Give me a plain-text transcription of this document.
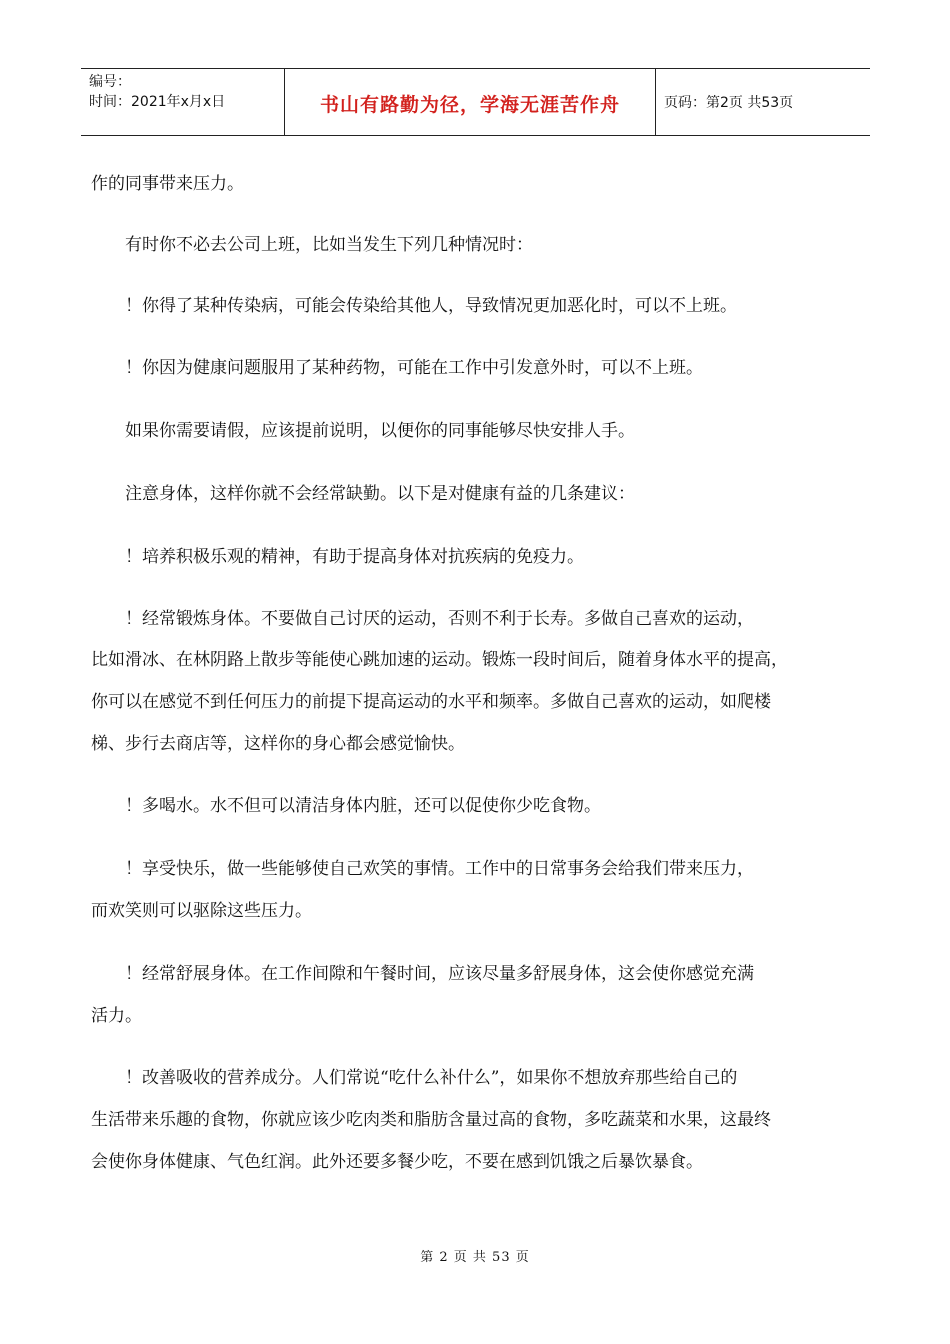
编号：
时间：2021年x月x日	书山有路勤为径，学海无涯苦作舟	页码：第2页 共53页
作的同事带来压力。
　　有时你不必去公司上班，比如当发生下列几种情况时：
　　！你得了某种传染病，可能会传染给其他人，导致情况更加恶化时，可以不上班。
　　！你因为健康问题服用了某种药物，可能在工作中引发意外时，可以不上班。
　　如果你需要请假，应该提前说明，以便你的同事能够尽快安排人手。
　　注意身体，这样你就不会经常缺勤。以下是对健康有益的几条建议：
　　！培养积极乐观的精神，有助于提高身体对抗疾病的免疫力。
　　！经常锻炼身体。不要做自己讨厌的运动，否则不利于长寿。多做自己喜欢的运动，
比如滑冰、在林阴路上散步等能使心跳加速的运动。锻炼一段时间后，随着身体水平的提高，
你可以在感觉不到任何压力的前提下提高运动的水平和频率。多做自己喜欢的运动，如爬楼
梯、步行去商店等，这样你的身心都会感觉愉快。
　　！多喝水。水不但可以清洁身体内脏，还可以促使你少吃食物。
　　！享受快乐，做一些能够使自己欢笑的事情。工作中的日常事务会给我们带来压力，
而欢笑则可以驱除这些压力。
　　！经常舒展身体。在工作间隙和午餐时间，应该尽量多舒展身体，这会使你感觉充满
活力。
　　！改善吸收的营养成分。人们常说“吃什么补什么”，如果你不想放弃那些给自己的
生活带来乐趣的食物，你就应该少吃肉类和脂肪含量过高的食物，多吃蔬菜和水果，这最终
会使你身体健康、气色红润。此外还要多餐少吃，不要在感到饥饿之后暴饮暴食。
第 2 页 共 53 页
